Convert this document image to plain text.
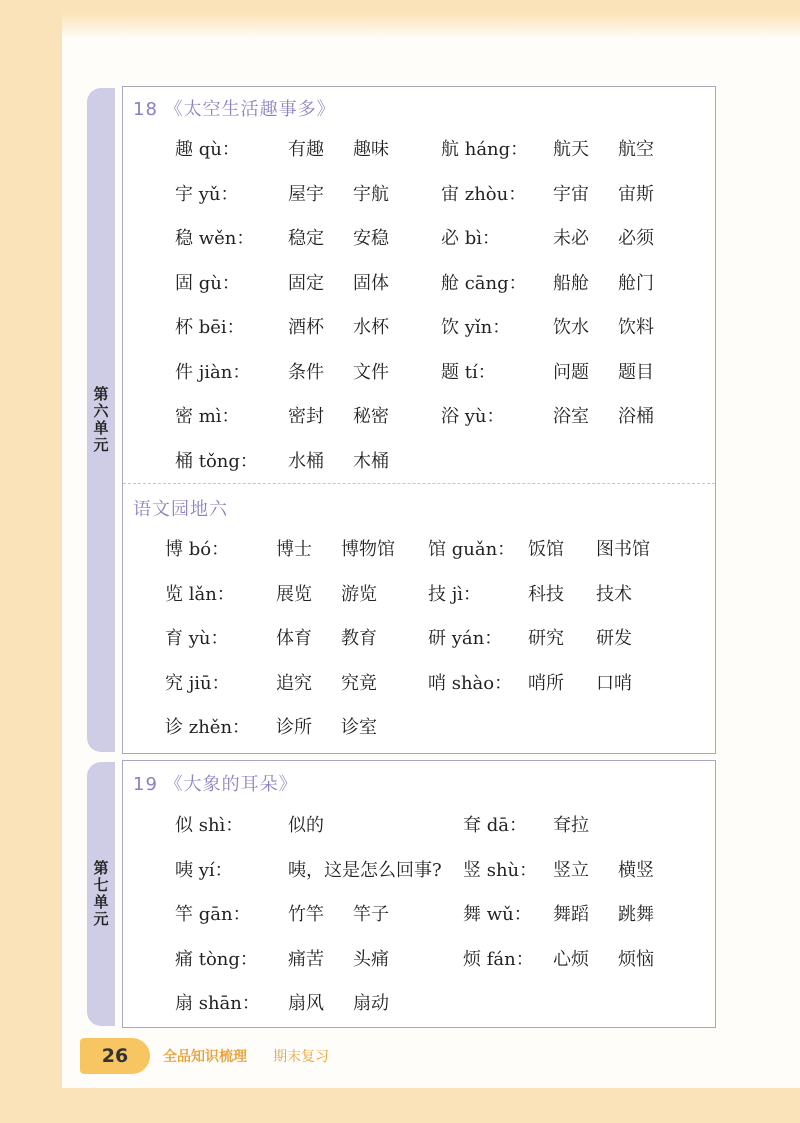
第六单元
第七单元
18 《太空生活趣事多》
趣 qù：	有趣 趣味	航 háng： 航天 航空
宇 yǔ：	屋宇 宇航	宙 zhòu： 宇宙 宙斯
稳 wěn： 稳定 安稳	必 bì：	未必 必须
固 gù：	固定 固体	舱 cāng： 船舱 舱门
杯 bēi： 酒杯 水杯	饮 yǐn： 饮水 饮料
件 jiàn： 条件 文件	题 tí：	问题 题目
密 mì：	密封 秘密	浴 yù：	浴室 浴桶
桶 tǒng： 水桶 木桶
语文园地六
博 bó：	博士 博物馆 馆 guǎn： 饭馆 图书馆
览 lǎn： 展览 游览	技 jì：	科技 技术
育 yù：	体育 教育	研 yán： 研究 研发
究 jiū：	追究 究竟	哨 shào： 哨所 口哨
诊 zhěn： 诊所 诊室
19 《大象的耳朵》
似 shì： 似的	耷 dā： 耷拉
咦 yí：	咦，这是怎么回事? 竖 shù： 竖立 横竖
竿 gān： 竹竿 竿子	舞 wǔ： 舞蹈 跳舞
痛 tòng： 痛苦 头痛	烦 fán： 心烦 烦恼
扇 shān： 扇风 扇动
26	全品知识梳理 期末复习
